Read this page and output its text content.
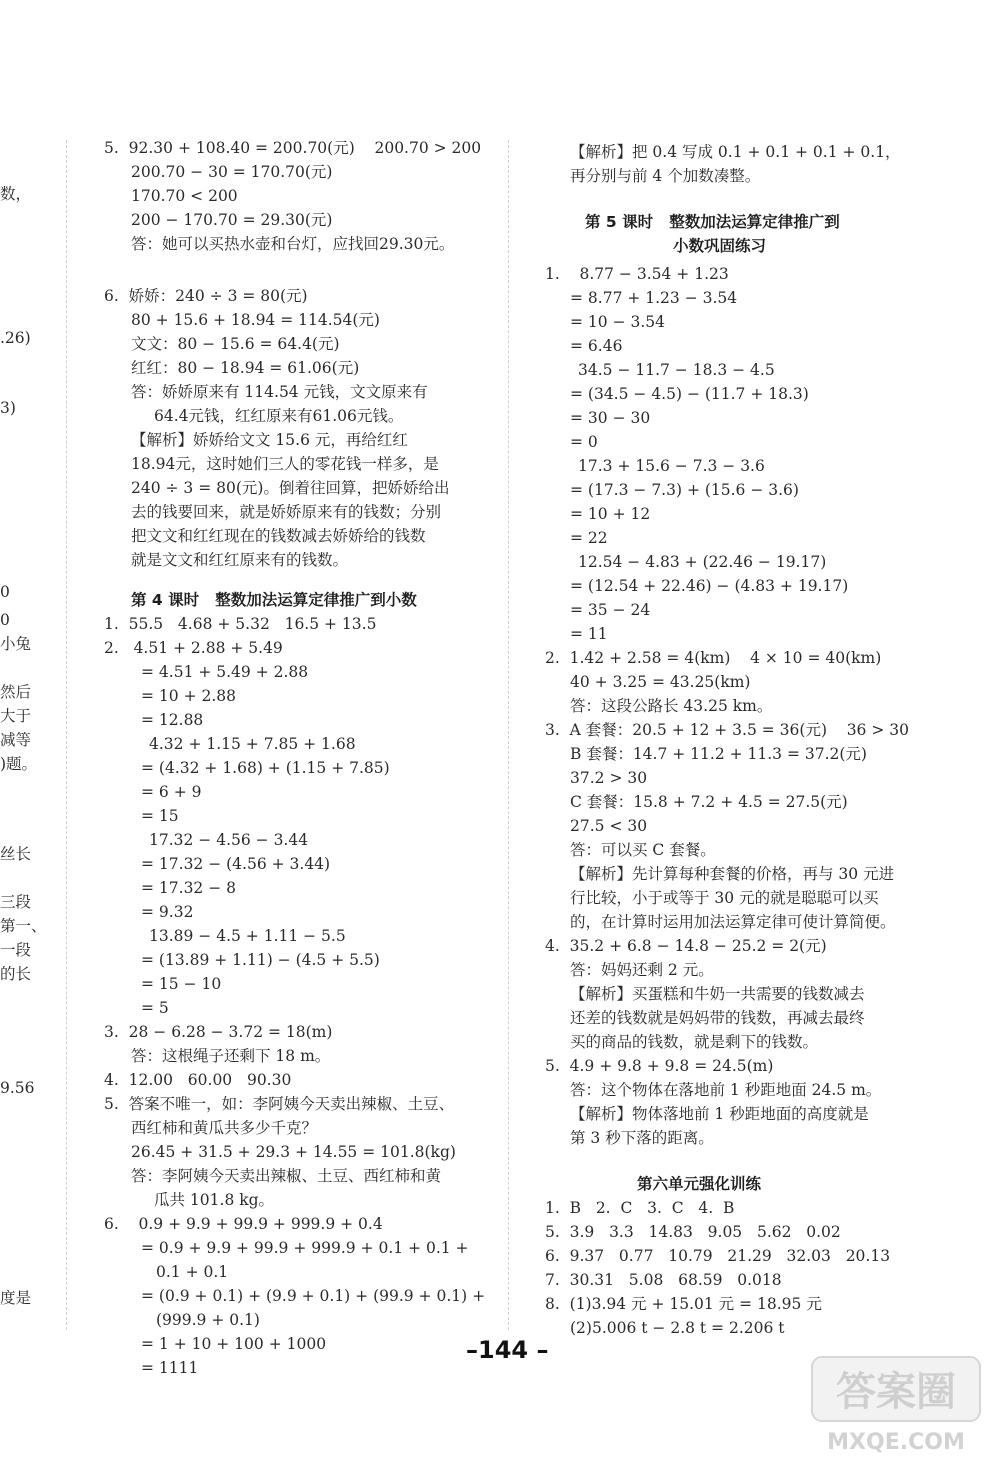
数，
.26)
3)
0
0
小兔
然后
大于
减等
)题。
丝长
三段
第一、
一段
的长
9.56
度是
5.  92.30 + 108.40 = 200.70(元)    200.70 > 200
200.70 − 30 = 170.70(元)
170.70 < 200
200 − 170.70 = 29.30(元)
答：她可以买热水壶和台灯，应找回29.30元。
6.  娇娇：240 ÷ 3 = 80(元)
80 + 15.6 + 18.94 = 114.54(元)
文文：80 − 15.6 = 64.4(元)
红红：80 − 18.94 = 61.06(元)
答：娇娇原来有 114.54 元钱，文文原来有
64.4元钱，红红原来有61.06元钱。
【解析】娇娇给文文 15.6 元，再给红红
18.94元，这时她们三人的零花钱一样多，是
240 ÷ 3 = 80(元)。倒着往回算，把娇娇给出
去的钱要回来，就是娇娇原来有的钱数；分别
把文文和红红现在的钱数减去娇娇给的钱数
就是文文和红红原来有的钱数。
第 4 课时   整数加法运算定律推广到小数
1.  55.5   4.68 + 5.32   16.5 + 13.5
2.   4.51 + 2.88 + 5.49
= 4.51 + 5.49 + 2.88
= 10 + 2.88
= 12.88
4.32 + 1.15 + 7.85 + 1.68
= (4.32 + 1.68) + (1.15 + 7.85)
= 6 + 9
= 15
17.32 − 4.56 − 3.44
= 17.32 − (4.56 + 3.44)
= 17.32 − 8
= 9.32
13.89 − 4.5 + 1.11 − 5.5
= (13.89 + 1.11) − (4.5 + 5.5)
= 15 − 10
= 5
3.  28 − 6.28 − 3.72 = 18(m)
答：这根绳子还剩下 18 m。
4.  12.00   60.00   90.30
5.  答案不唯一，如：李阿姨今天卖出辣椒、土豆、
西红柿和黄瓜共多少千克？
26.45 + 31.5 + 29.3 + 14.55 = 101.8(kg)
答：李阿姨今天卖出辣椒、土豆、西红柿和黄
瓜共 101.8 kg。
6.    0.9 + 9.9 + 99.9 + 999.9 + 0.4
= 0.9 + 9.9 + 99.9 + 999.9 + 0.1 + 0.1 +
0.1 + 0.1
= (0.9 + 0.1) + (9.9 + 0.1) + (99.9 + 0.1) +
(999.9 + 0.1)
= 1 + 10 + 100 + 1000
= 1111
【解析】把 0.4 写成 0.1 + 0.1 + 0.1 + 0.1，
再分别与前 4 个加数凑整。
第 5 课时   整数加法运算定律推广到
小数巩固练习
1.    8.77 − 3.54 + 1.23
= 8.77 + 1.23 − 3.54
= 10 − 3.54
= 6.46
34.5 − 11.7 − 18.3 − 4.5
= (34.5 − 4.5) − (11.7 + 18.3)
= 30 − 30
= 0
17.3 + 15.6 − 7.3 − 3.6
= (17.3 − 7.3) + (15.6 − 3.6)
= 10 + 12
= 22
12.54 − 4.83 + (22.46 − 19.17)
= (12.54 + 22.46) − (4.83 + 19.17)
= 35 − 24
= 11
2.  1.42 + 2.58 = 4(km)    4 × 10 = 40(km)
40 + 3.25 = 43.25(km)
答：这段公路长 43.25 km。
3.  A 套餐：20.5 + 12 + 3.5 = 36(元)    36 > 30
B 套餐：14.7 + 11.2 + 11.3 = 37.2(元)
37.2 > 30
C 套餐：15.8 + 7.2 + 4.5 = 27.5(元)
27.5 < 30
答：可以买 C 套餐。
【解析】先计算每种套餐的价格，再与 30 元进
行比较，小于或等于 30 元的就是聪聪可以买
的，在计算时运用加法运算定律可使计算简便。
4.  35.2 + 6.8 − 14.8 − 25.2 = 2(元)
答：妈妈还剩 2 元。
【解析】买蛋糕和牛奶一共需要的钱数减去
还差的钱数就是妈妈带的钱数，再减去最终
买的商品的钱数，就是剩下的钱数。
5.  4.9 + 9.8 + 9.8 = 24.5(m)
答：这个物体在落地前 1 秒距地面 24.5 m。
【解析】物体落地前 1 秒距地面的高度就是
第 3 秒下落的距离。
第六单元强化训练
1.  B   2.  C   3.  C   4.  B
5.  3.9   3.3   14.83   9.05   5.62   0.02
6.  9.37   0.77   10.79   21.29   32.03   20.13
7.  30.31   5.08   68.59   0.018
8.  (1)3.94 元 + 15.01 元 = 18.95 元
(2)5.006 t − 2.8 t = 2.206 t
–144 –
答案圈
MXQE.COM
